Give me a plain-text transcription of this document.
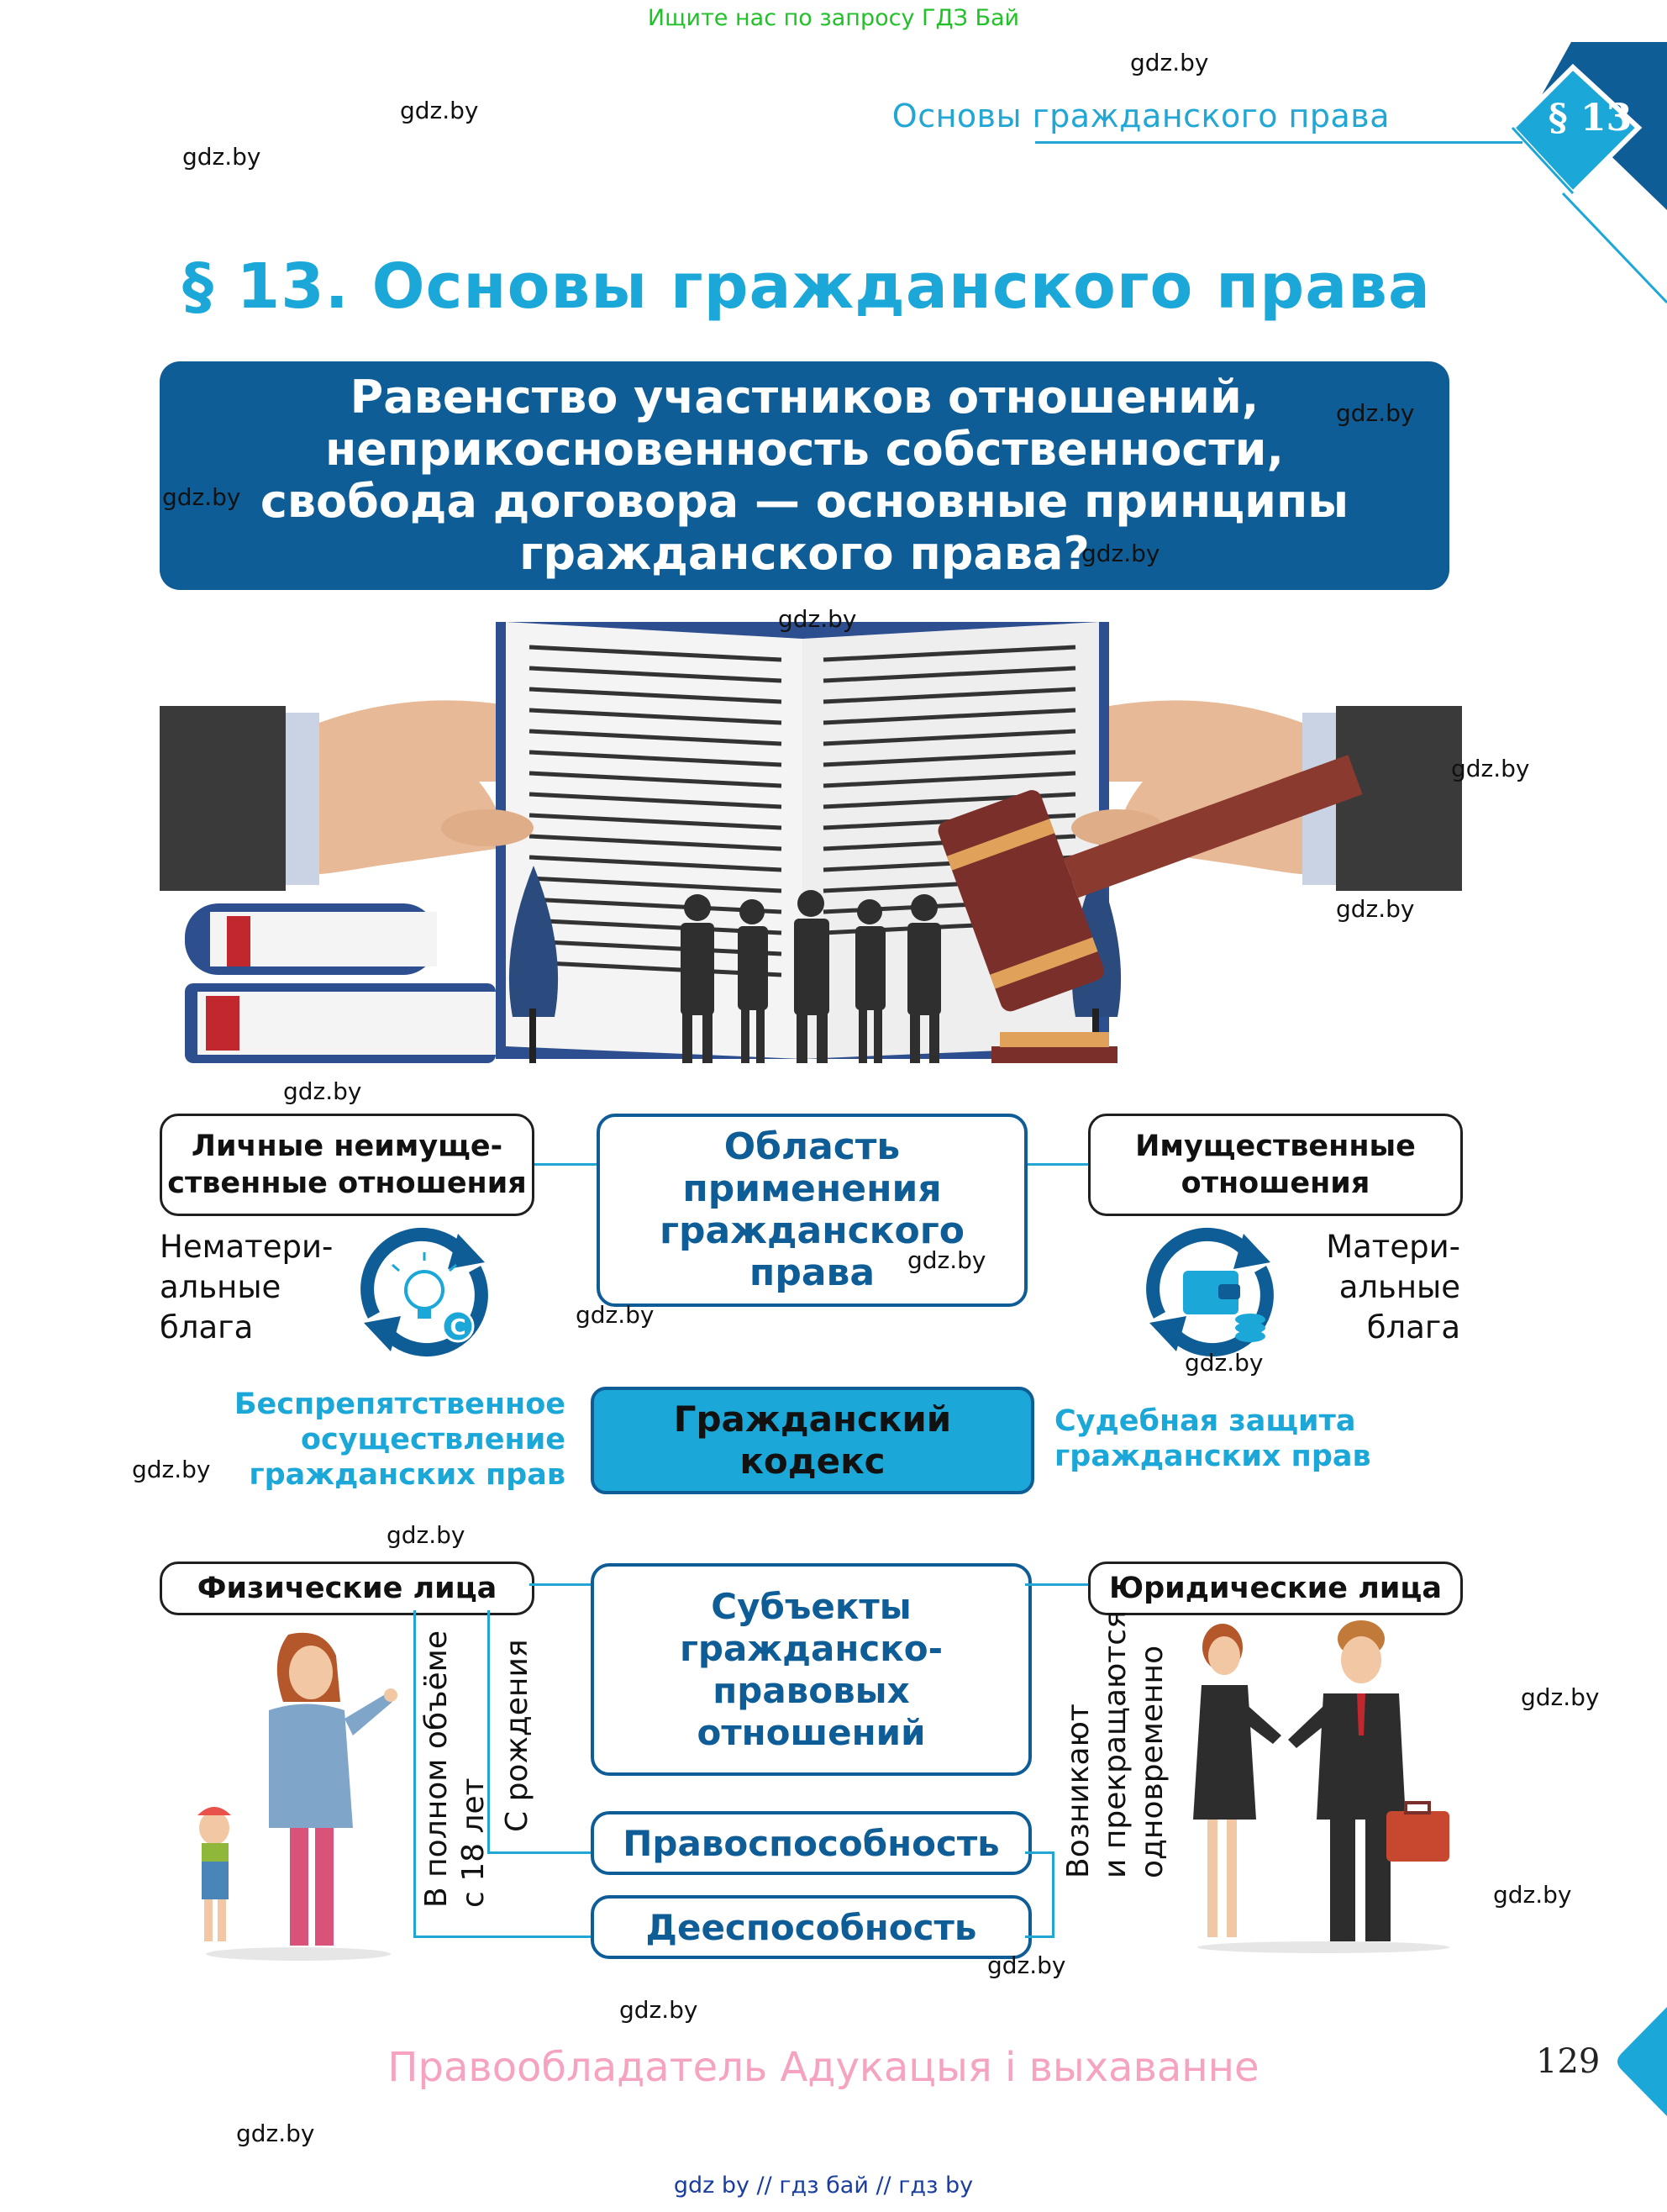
Ищите нас по запросу ГДЗ Бай
§ 13
Основы гражданского права
§ 13. Основы гражданского права
Равенство участников отношений,
неприкосновенность собственности,
свобода договора — основные принципы
гражданского права?
Личные неимуще-
ственные отношения
Область
применения
гражданского
права
Имущественные
отношения
Нематери-
альные
блага
Матери-
альные
блага
C
Беспрепятственное
осуществление
гражданских прав
Гражданский
кодекс
Судебная защита
гражданских прав
Физические лица	Юридические лица
Субъекты
гражданско-
правовых
отношений
Правоспособность
Дееспособность
С рождения
В полном объёме с 18 лет	Возникают и прекращаются одновременно
Правообладатель Адукацыя і выхаванне	129
gdz by // гдз бай // гдз by
gdz.by
gdz.by
gdz.by
gdz.by
gdz.by
gdz.by
gdz.by
gdz.by
gdz.by
gdz.by
gdz.by
gdz.by
gdz.by
gdz.by
gdz.by
gdz.by
gdz.by
gdz.by
gdz.by
gdz.by
